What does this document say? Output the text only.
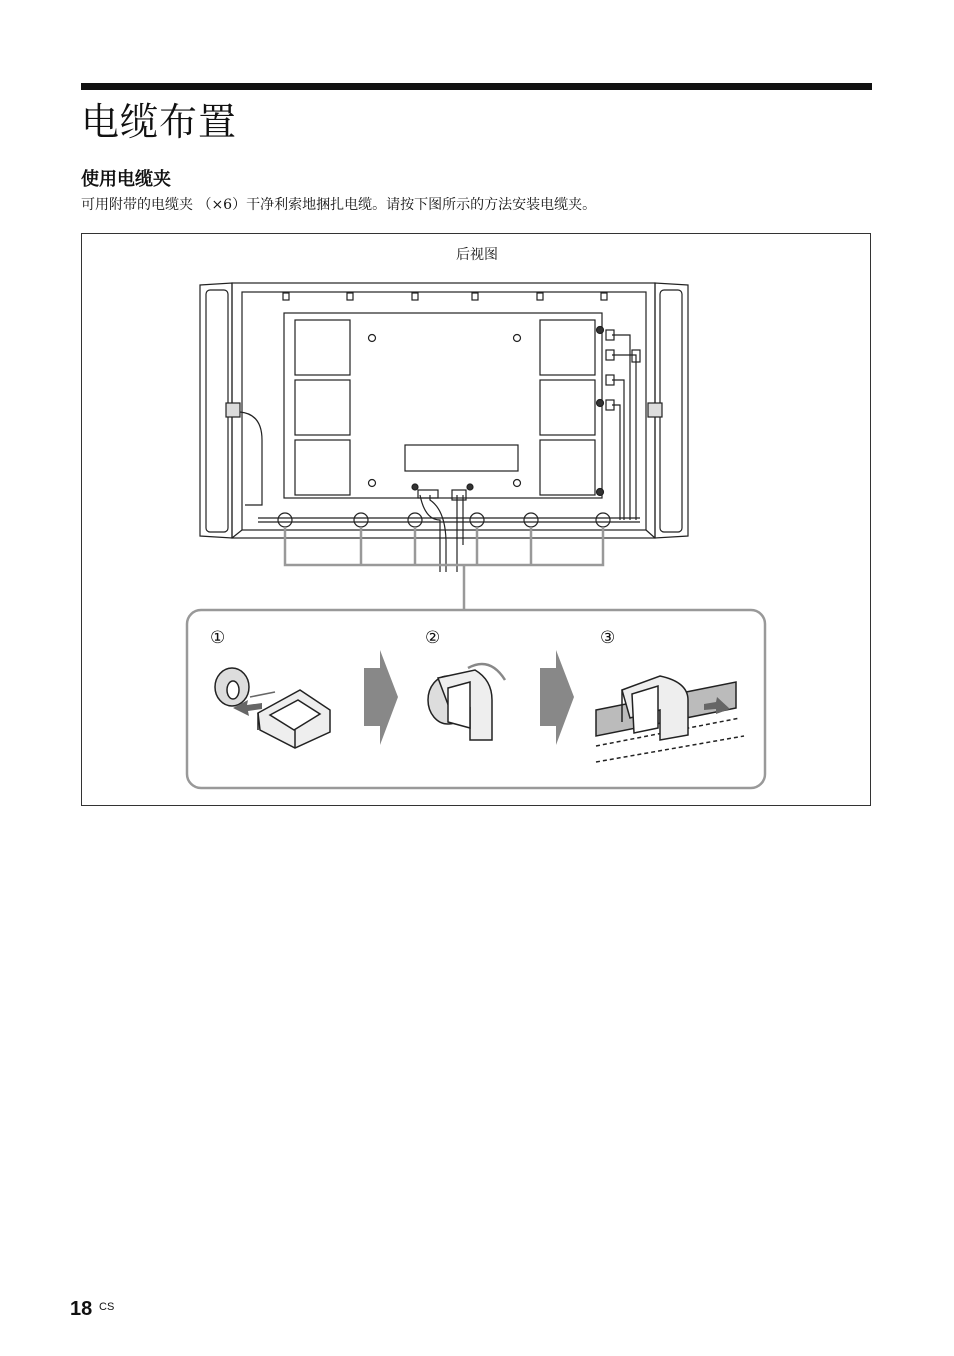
电缆布置
使用电缆夹
可用附带的电缆夹 （×6）干净利索地捆扎电缆。请按下图所示的方法安装电缆夹。
后视图
①	②	③
18 CS
